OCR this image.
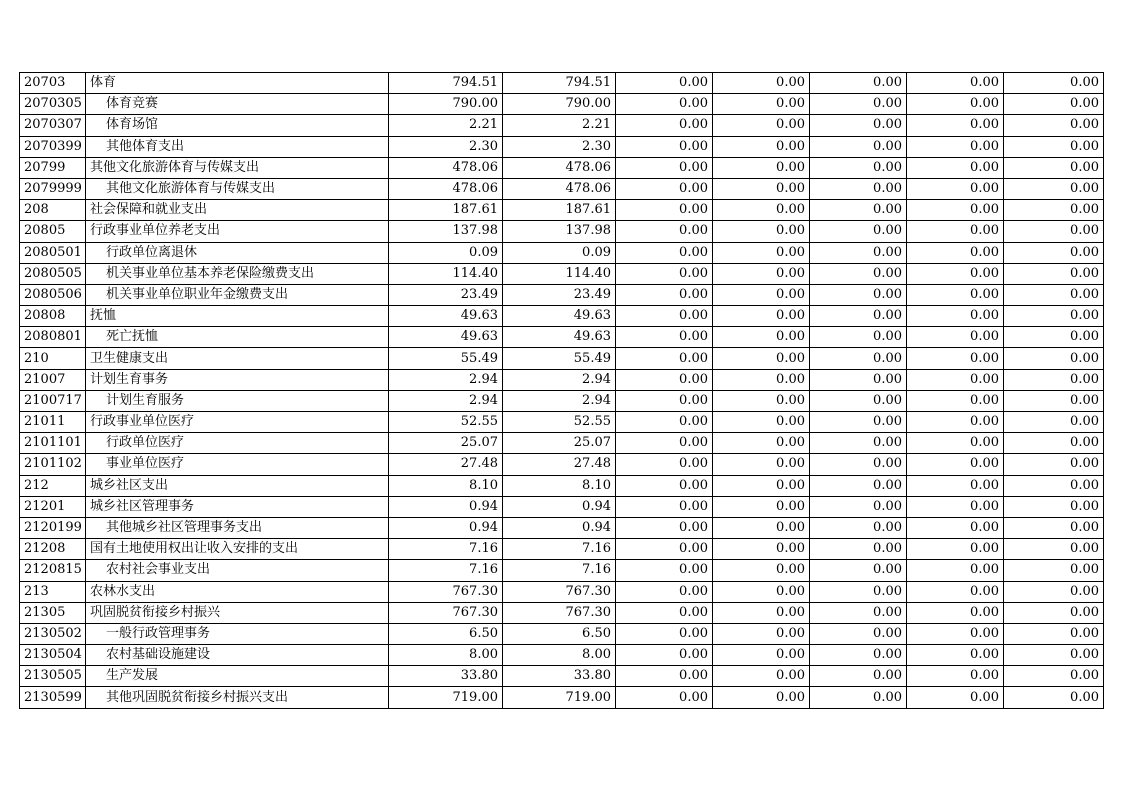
20703	体育	794.51	794.51	0.00	0.00	0.00	0.00	0.00
2070305	体育竞赛	790.00	790.00	0.00	0.00	0.00	0.00	0.00
2070307	体育场馆	2.21	2.21	0.00	0.00	0.00	0.00	0.00
2070399	其他体育支出	2.30	2.30	0.00	0.00	0.00	0.00	0.00
20799	其他文化旅游体育与传媒支出	478.06	478.06	0.00	0.00	0.00	0.00	0.00
2079999	其他文化旅游体育与传媒支出	478.06	478.06	0.00	0.00	0.00	0.00	0.00
208	社会保障和就业支出	187.61	187.61	0.00	0.00	0.00	0.00	0.00
20805	行政事业单位养老支出	137.98	137.98	0.00	0.00	0.00	0.00	0.00
2080501	行政单位离退休	0.09	0.09	0.00	0.00	0.00	0.00	0.00
2080505	机关事业单位基本养老保险缴费支出	114.40	114.40	0.00	0.00	0.00	0.00	0.00
2080506	机关事业单位职业年金缴费支出	23.49	23.49	0.00	0.00	0.00	0.00	0.00
20808	抚恤	49.63	49.63	0.00	0.00	0.00	0.00	0.00
2080801	死亡抚恤	49.63	49.63	0.00	0.00	0.00	0.00	0.00
210	卫生健康支出	55.49	55.49	0.00	0.00	0.00	0.00	0.00
21007	计划生育事务	2.94	2.94	0.00	0.00	0.00	0.00	0.00
2100717	计划生育服务	2.94	2.94	0.00	0.00	0.00	0.00	0.00
21011	行政事业单位医疗	52.55	52.55	0.00	0.00	0.00	0.00	0.00
2101101	行政单位医疗	25.07	25.07	0.00	0.00	0.00	0.00	0.00
2101102	事业单位医疗	27.48	27.48	0.00	0.00	0.00	0.00	0.00
212	城乡社区支出	8.10	8.10	0.00	0.00	0.00	0.00	0.00
21201	城乡社区管理事务	0.94	0.94	0.00	0.00	0.00	0.00	0.00
2120199	其他城乡社区管理事务支出	0.94	0.94	0.00	0.00	0.00	0.00	0.00
21208	国有土地使用权出让收入安排的支出	7.16	7.16	0.00	0.00	0.00	0.00	0.00
2120815	农村社会事业支出	7.16	7.16	0.00	0.00	0.00	0.00	0.00
213	农林水支出	767.30	767.30	0.00	0.00	0.00	0.00	0.00
21305	巩固脱贫衔接乡村振兴	767.30	767.30	0.00	0.00	0.00	0.00	0.00
2130502	一般行政管理事务	6.50	6.50	0.00	0.00	0.00	0.00	0.00
2130504	农村基础设施建设	8.00	8.00	0.00	0.00	0.00	0.00	0.00
2130505	生产发展	33.80	33.80	0.00	0.00	0.00	0.00	0.00
2130599	其他巩固脱贫衔接乡村振兴支出	719.00	719.00	0.00	0.00	0.00	0.00	0.00
